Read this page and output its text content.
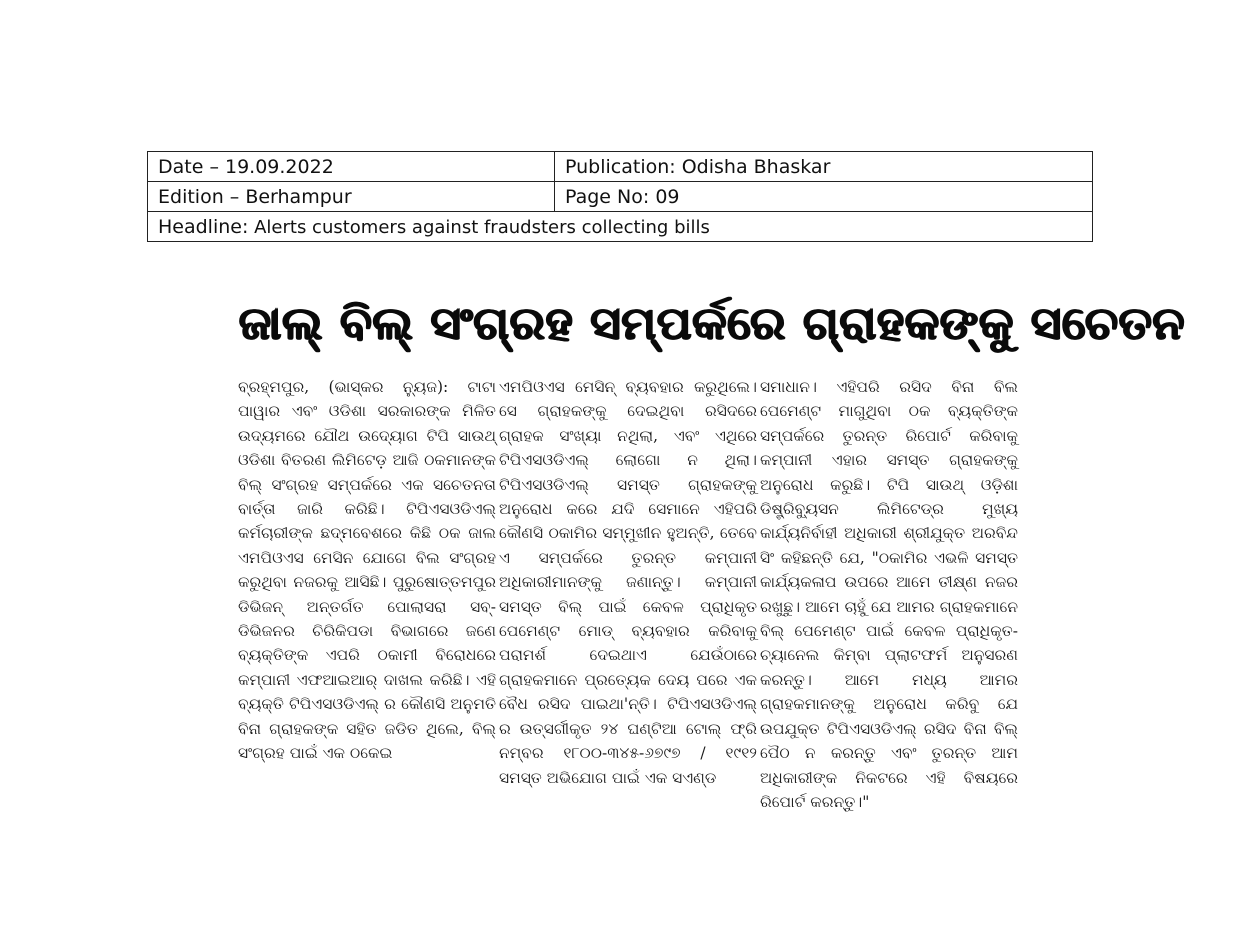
Date – 19.09.2022	Publication: Odisha Bhaskar
Edition – Berhampur	Page No: 09
Headline: Alerts customers against fraudsters collecting bills	
ଜାଲ୍ ବିଲ୍ ସଂଗ୍ରହ ସମ୍ପର୍କରେ ଗ୍ରାହକଙ୍କୁ ସଚେତନ

ବ୍ରହ୍ମପୁର, (ଭାସ୍କର ନ୍ୟୁଜ): ଟାଟା ପାୱାର ଏବଂ ଓଡିଶା ସରକାରଙ୍କ ମିଳିତ ଉଦ୍ୟମରେ ଯୌଥ ଉଦ୍ୟୋଗ ଟିପି ସାଉଥ୍ ଓଡିଶା ବିତରଣ ଲିମିଟେଡ଼ ଆଜି ଠକମାନଙ୍କ ବିଲ୍ ସଂଗ୍ରହ ସମ୍ପର୍କରେ ଏକ ସଚେତନତା ବାର୍ତ୍ତା ଜାରି କରିଛି। ଟିପିଏସଓଡିଏଲ୍ କର୍ମଚାରୀଙ୍କ ଛଦ୍ମବେଶରେ କିଛି ଠକ ଜାଲ ଏମପିଓଏସ ମେସିନ ଯୋଗେ ବିଲ ସଂଗ୍ରହ କରୁଥିବା ନଜରକୁ ଆସିଛି। ପୁରୁଷୋତ୍ତମପୁର ଡିଭିଜନ୍ ଅନ୍ତର୍ଗତ ପୋଲାସରା ସବ୍-ଡିଭିଜନର ଚିରିକିପଡା ବିଭାଗରେ ଜଣେ ବ୍ୟକ୍ତିଙ୍କ ଏପରି ଠକାମୀ ବିରୋଧରେ କମ୍ପାନୀ ଏଫଆଇଆର୍ ଦାଖଲ କରିଛି। ଏହି ବ୍ୟକ୍ତି ଟିପିଏସଓଡିଏଲ୍ ର କୌଣସି ଅନୁମତି ବିନା ଗ୍ରାହକଙ୍କ ସହିତ ଜଡିତ ଥିଲେ, ବିଲ୍ ସଂଗ୍ରହ ପାଇଁ ଏକ ଠକେଇ

ଏମପିଓଏସ ମେସିନ୍ ବ୍ୟବହାର କରୁଥିଲେ। ସେ ଗ୍ରାହକଙ୍କୁ ଦେଇଥିବା ରସିଦରେ ଗ୍ରାହକ ସଂଖ୍ୟା ନଥିଲା, ଏବଂ ଏଥିରେ ଟିପିଏସଓଡିଏଲ୍ ଲୋଗୋ ନ ଥିଲା। ଟିପିଏସଓଡିଏଲ୍ ସମସ୍ତ ଗ୍ରାହକଙ୍କୁ ଅନୁରୋଧ କରେ ଯଦି ସେମାନେ ଏହିପରି କୌଣସି ଠକାମିର ସମ୍ମୁଖୀନ ହୁଅନ୍ତି, ତେବେ ଏ ସମ୍ପର୍କରେ ତୁରନ୍ତ କମ୍ପାନୀ ଅଧିକାରୀମାନଙ୍କୁ ଜଣାନ୍ତୁ। କମ୍ପାନୀ ସମସ୍ତ ବିଲ୍ ପାଇଁ କେବଳ ପ୍ରାଧିକୃତ ପେମେଣ୍ଟ ମୋଡ୍ ବ୍ୟବହାର କରିବାକୁ ପରାମର୍ଶ ଦେଇଥାଏ ଯେଉଁଠାରେ ଗ୍ରାହକମାନେ ପ୍ରତ୍ୟେକ ଦେୟ ପରେ ଏକ ବୈଧ ରସିଦ ପାଇଥା'ନ୍ତି। ଟିପିଏସଓଡିଏଲ୍ ର ଉତ୍ସର୍ଗୀକୃତ ୨୪ ଘଣ୍ଟିଆ ଟୋଲ୍ ଫ୍ରି ନମ୍ବର ୧୮୦୦-୩୪୫-୬୭୯୭ / ୧୯୧୨ ସମସ୍ତ ଅଭିଯୋଗ ପାଇଁ ଏକ ସଏଣ୍ଡ

ସମାଧାନ। ଏହିପରି ରସିଦ ବିନା ବିଲ ପେମେଣ୍ଟ ମାଗୁଥିବା ଠକ ବ୍ୟକ୍ତିଙ୍କ ସମ୍ପର୍କରେ ତୁରନ୍ତ ରିପୋର୍ଟ କରିବାକୁ କମ୍ପାନୀ ଏହାର ସମସ୍ତ ଗ୍ରାହକଙ୍କୁ ଅନୁରୋଧ କରୁଛି। ଟିପି ସାଉଥ୍ ଓଡ଼ିଶା ଡିଷ୍ଟ୍ରିବ୍ୟୁସନ ଲିମିଟେଡ୍‌ର ମୁଖ୍ୟ କାର୍ଯ୍ୟନିର୍ବାହୀ ଅଧିକାରୀ ଶ୍ରୀଯୁକ୍ତ ଅରବିନ୍ଦ ସିଂ କହିଛନ୍ତି ଯେ, "ଠକାମିର ଏଭଳି ସମସ୍ତ କାର୍ଯ୍ୟକଳାପ ଉପରେ ଆମେ ତୀକ୍ଷ୍ଣ ନଜର ରଖୁଛୁ। ଆମେ ଚାହୁଁ ଯେ ଆମର ଗ୍ରାହକମାନେ ବିଲ୍ ପେମେଣ୍ଟ ପାଇଁ କେବଳ ପ୍ରାଧିକୃତ-ଚ୍ୟାନେଲ କିମ୍ବା ପ୍ଲାଟଫର୍ମ ଅନୁସରଣ କରନ୍ତୁ। ଆମେ ମଧ୍ୟ ଆମର ଗ୍ରାହକମାନଙ୍କୁ ଅନୁରୋଧ କରିବୁ ଯେ ଉପଯୁକ୍ତ ଟିପିଏସଓଡିଏଲ୍ ରସିଦ ବିନା ବିଲ୍ ପୈଠ ନ କରନ୍ତୁ ଏବଂ ତୁରନ୍ତ ଆମ ଅଧିକାରୀଙ୍କ ନିକଟରେ ଏହି ବିଷୟରେ ରିପୋର୍ଟ କରନ୍ତୁ।"
